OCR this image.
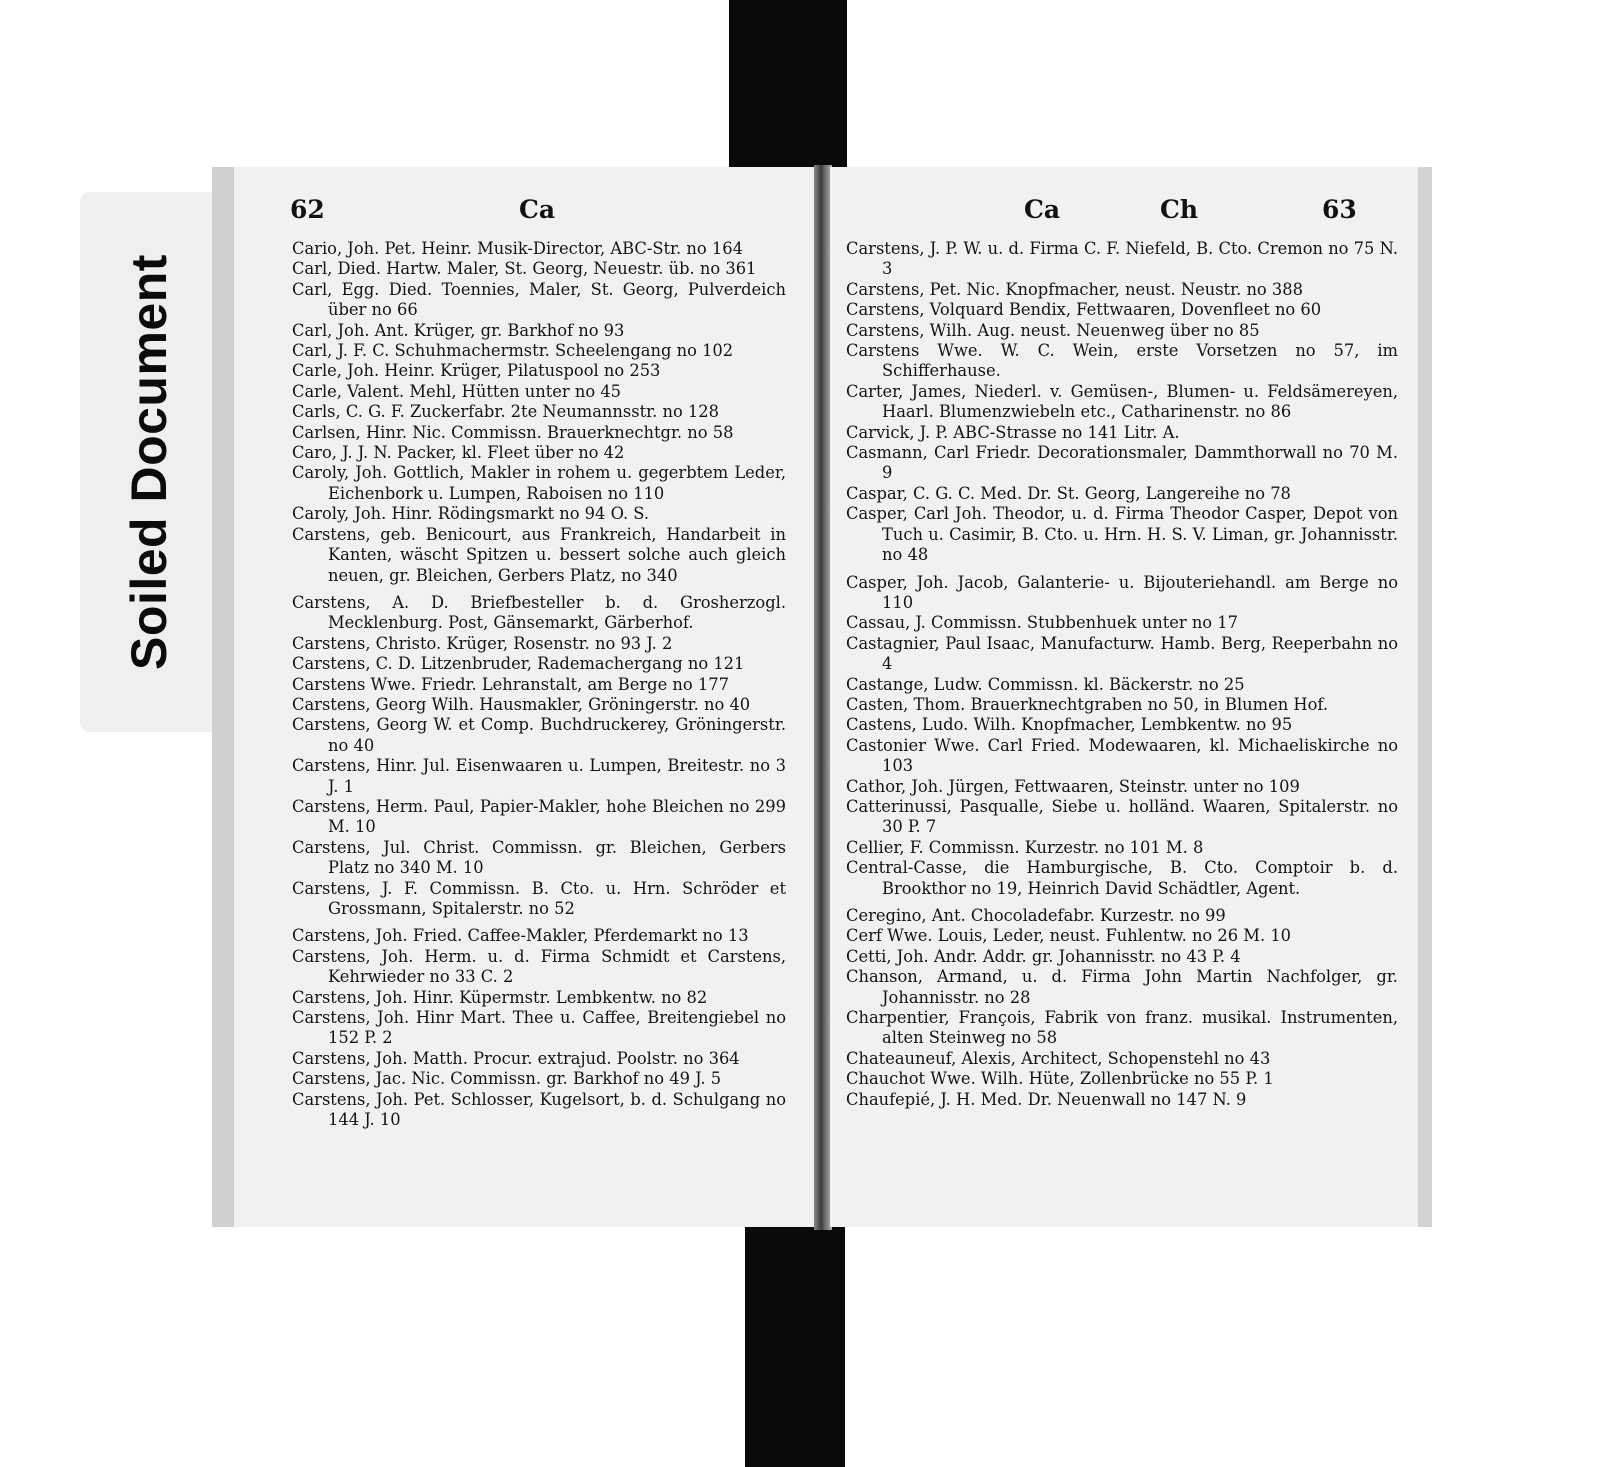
Soiled Document
62	Ca
Cario, Joh. Pet. Heinr. Musik-Director, ABC-Str. no 164
Carl, Died. Hartw. Maler, St. Georg, Neuestr. üb. no 361
Carl, Egg. Died. Toennies, Maler, St. Georg, Pulverdeich über no 66
Carl, Joh. Ant. Krüger, gr. Barkhof no 93
Carl, J. F. C. Schuhmachermstr. Scheelengang no 102
Carle, Joh. Heinr. Krüger, Pilatuspool no 253
Carle, Valent. Mehl, Hütten unter no 45
Carls, C. G. F. Zuckerfabr. 2te Neumannsstr. no 128
Carlsen, Hinr. Nic. Commissn. Brauerknechtgr. no 58
Caro, J. J. N. Packer, kl. Fleet über no 42
Caroly, Joh. Gottlich, Makler in rohem u. gegerbtem Leder, Eichenbork u. Lumpen, Raboisen no 110
Caroly, Joh. Hinr. Rödingsmarkt no 94 O. S.
Carstens, geb. Benicourt, aus Frankreich, Handarbeit in Kanten, wäscht Spitzen u. bessert solche auch gleich neuen, gr. Bleichen, Gerbers Platz, no 340
Carstens, A. D. Briefbesteller b. d. Grosherzogl. Mecklenburg. Post, Gänsemarkt, Gärberhof.
Carstens, Christo. Krüger, Rosenstr. no 93 J. 2
Carstens, C. D. Litzenbruder, Rademachergang no 121
Carstens Wwe. Friedr. Lehranstalt, am Berge no 177
Carstens, Georg Wilh. Hausmakler, Gröningerstr. no 40
Carstens, Georg W. et Comp. Buchdruckerey, Gröningerstr. no 40
Carstens, Hinr. Jul. Eisenwaaren u. Lumpen, Breitestr. no 3 J. 1
Carstens, Herm. Paul, Papier-Makler, hohe Bleichen no 299 M. 10
Carstens, Jul. Christ. Commissn. gr. Bleichen, Gerbers Platz no 340 M. 10
Carstens, J. F. Commissn. B. Cto. u. Hrn. Schröder et Grossmann, Spitalerstr. no 52
Carstens, Joh. Fried. Caffee-Makler, Pferdemarkt no 13
Carstens, Joh. Herm. u. d. Firma Schmidt et Carstens, Kehrwieder no 33 C. 2
Carstens, Joh. Hinr. Küpermstr. Lembkentw. no 82
Carstens, Joh. Hinr Mart. Thee u. Caffee, Breitengiebel no 152 P. 2
Carstens, Joh. Matth. Procur. extrajud. Poolstr. no 364
Carstens, Jac. Nic. Commissn. gr. Barkhof no 49 J. 5
Carstens, Joh. Pet. Schlosser, Kugelsort, b. d. Schulgang no 144 J. 10
Ca	Ch	63
Carstens, J. P. W. u. d. Firma C. F. Niefeld, B. Cto. Cremon no 75 N. 3
Carstens, Pet. Nic. Knopfmacher, neust. Neustr. no 388
Carstens, Volquard Bendix, Fettwaaren, Dovenfleet no 60
Carstens, Wilh. Aug. neust. Neuenweg über no 85
Carstens Wwe. W. C. Wein, erste Vorsetzen no 57, im Schifferhause.
Carter, James, Niederl. v. Gemüsen-, Blumen- u. Feldsämereyen, Haarl. Blumenzwiebeln etc., Catharinenstr. no 86
Carvick, J. P. ABC-Strasse no 141 Litr. A.
Casmann, Carl Friedr. Decorationsmaler, Dammthorwall no 70 M. 9
Caspar, C. G. C. Med. Dr. St. Georg, Langereihe no 78
Casper, Carl Joh. Theodor, u. d. Firma Theodor Casper, Depot von Tuch u. Casimir, B. Cto. u. Hrn. H. S. V. Liman, gr. Johannisstr. no 48
Casper, Joh. Jacob, Galanterie- u. Bijouteriehandl. am Berge no 110
Cassau, J. Commissn. Stubbenhuek unter no 17
Castagnier, Paul Isaac, Manufacturw. Hamb. Berg, Reeperbahn no 4
Castange, Ludw. Commissn. kl. Bäckerstr. no 25
Casten, Thom. Brauerknechtgraben no 50, in Blumen Hof.
Castens, Ludo. Wilh. Knopfmacher, Lembkentw. no 95
Castonier Wwe. Carl Fried. Modewaaren, kl. Michaeliskirche no 103
Cathor, Joh. Jürgen, Fettwaaren, Steinstr. unter no 109
Catterinussi, Pasqualle, Siebe u. holländ. Waaren, Spitalerstr. no 30 P. 7
Cellier, F. Commissn. Kurzestr. no 101 M. 8
Central-Casse, die Hamburgische, B. Cto. Comptoir b. d. Brookthor no 19, Heinrich David Schädtler, Agent.
Ceregino, Ant. Chocoladefabr. Kurzestr. no 99
Cerf Wwe. Louis, Leder, neust. Fuhlentw. no 26 M. 10
Cetti, Joh. Andr. Addr. gr. Johannisstr. no 43 P. 4
Chanson, Armand, u. d. Firma John Martin Nachfolger, gr. Johannisstr. no 28
Charpentier, François, Fabrik von franz. musikal. Instrumenten, alten Steinweg no 58
Chateauneuf, Alexis, Architect, Schopenstehl no 43
Chauchot Wwe. Wilh. Hüte, Zollenbrücke no 55 P. 1
Chaufepié, J. H. Med. Dr. Neuenwall no 147 N. 9
